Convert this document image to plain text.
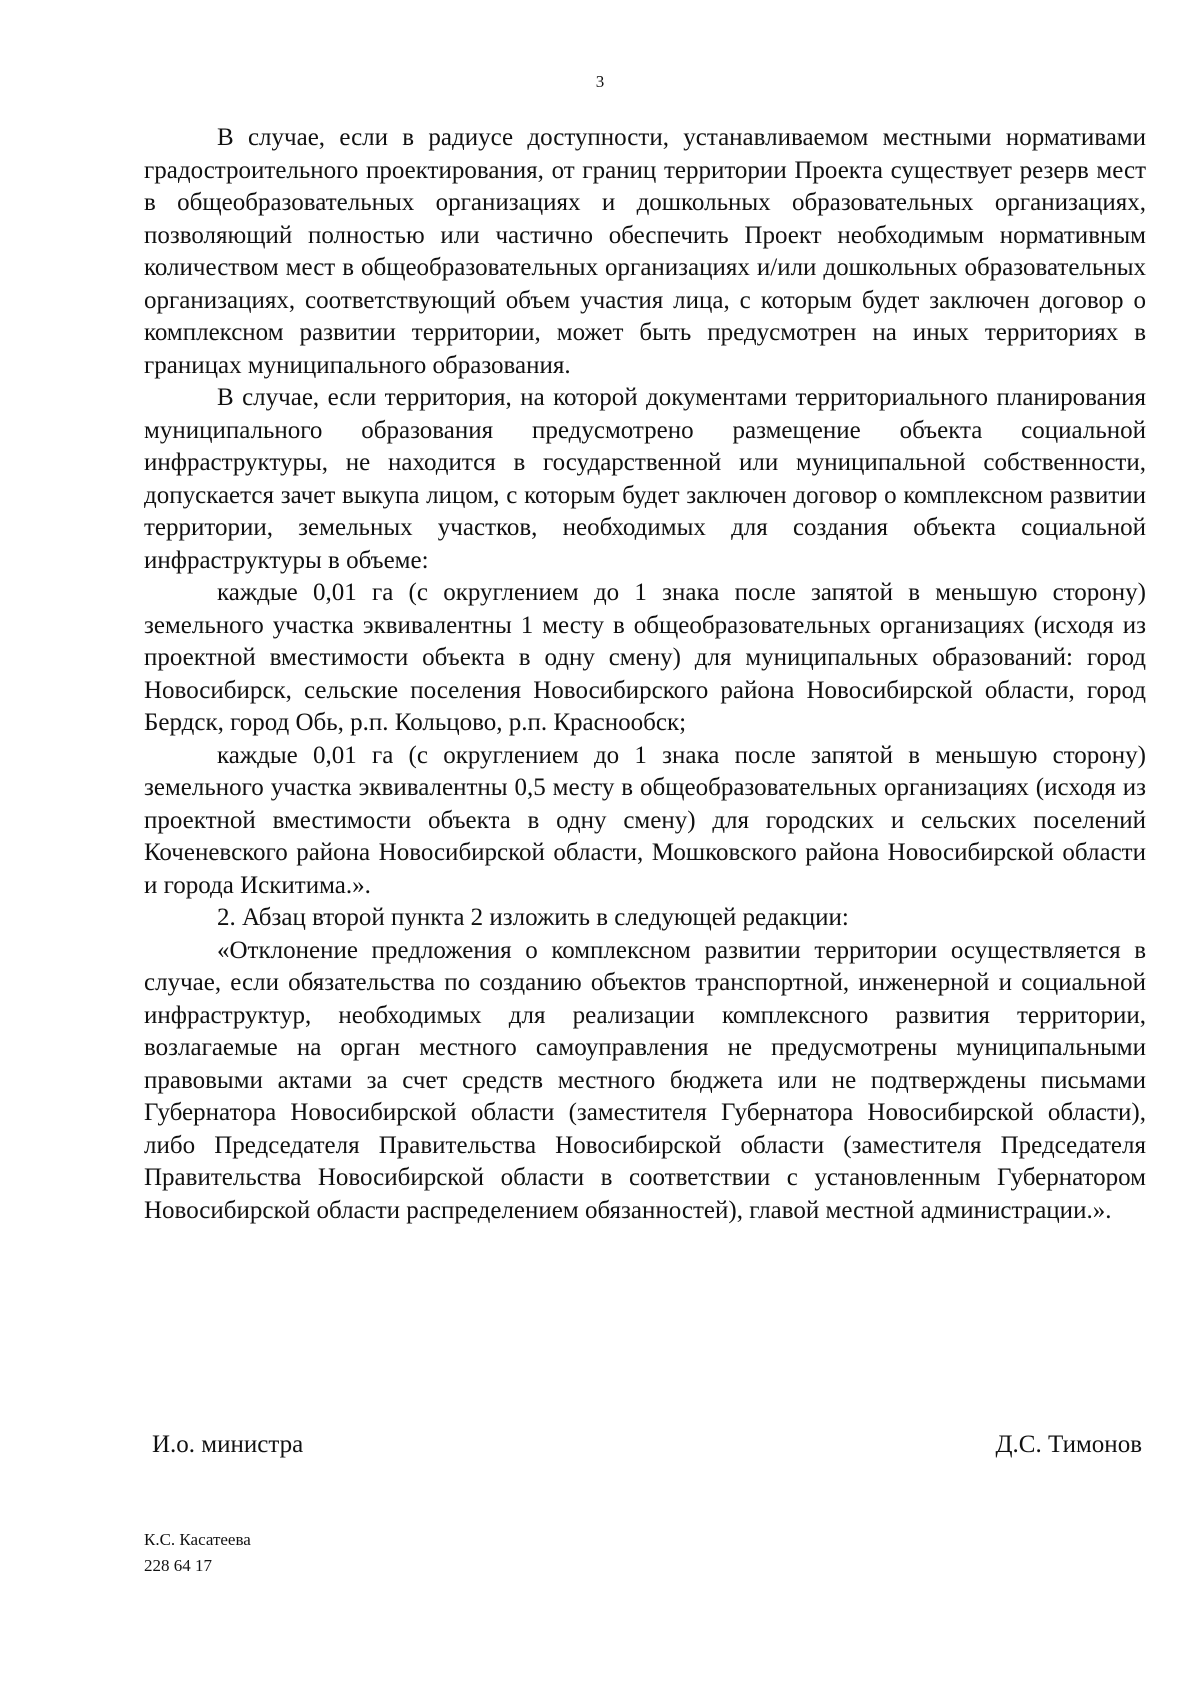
3

В случае, если в радиусе доступности, устанавливаемом местными нормативами градостроительного проектирования, от границ территории Проекта существует резерв мест в общеобразовательных организациях и дошкольных образовательных организациях, позволяющий полностью или частично обеспечить Проект необходимым нормативным количеством мест в общеобразовательных организациях и/или дошкольных образовательных организациях, соответствующий объем участия лица, с которым будет заключен договор о комплексном развитии территории, может быть предусмотрен на иных территориях в границах муниципального образования.

В случае, если территория, на которой документами территориального планирования муниципального образования предусмотрено размещение объекта социальной инфраструктуры, не находится в государственной или муниципальной собственности, допускается зачет выкупа лицом, с которым будет заключен договор о комплексном развитии территории, земельных участков, необходимых для создания объекта социальной инфраструктуры в объеме:

каждые 0,01 га (с округлением до 1 знака после запятой в меньшую сторону) земельного участка эквивалентны 1 месту в общеобразовательных организациях (исходя из проектной вместимости объекта в одну смену) для муниципальных образований: город Новосибирск, сельские поселения Новосибирского района Новосибирской области, город Бердск, город Обь, р.п. Кольцово, р.п. Краснообск;

каждые 0,01 га (с округлением до 1 знака после запятой в меньшую сторону) земельного участка эквивалентны 0,5 месту в общеобразовательных организациях (исходя из проектной вместимости объекта в одну смену) для городских и сельских поселений Коченевского района Новосибирской области, Мошковского района Новосибирской области и города Искитима.».

2. Абзац второй пункта 2 изложить в следующей редакции:

«Отклонение предложения о комплексном развитии территории осуществляется в случае, если обязательства по созданию объектов транспортной, инженерной и социальной инфраструктур, необходимых для реализации комплексного развития территории, возлагаемые на орган местного самоуправления не предусмотрены муниципальными правовыми актами за счет средств местного бюджета или не подтверждены письмами Губернатора Новосибирской области (заместителя Губернатора Новосибирской области), либо Председателя Правительства Новосибирской области (заместителя Председателя Правительства Новосибирской области в соответствии с установленным Губернатором Новосибирской области распределением обязанностей), главой местной администрации.».

И.о. министра	Д.С. Тимонов
К.С. Касатеева
228 64 17
